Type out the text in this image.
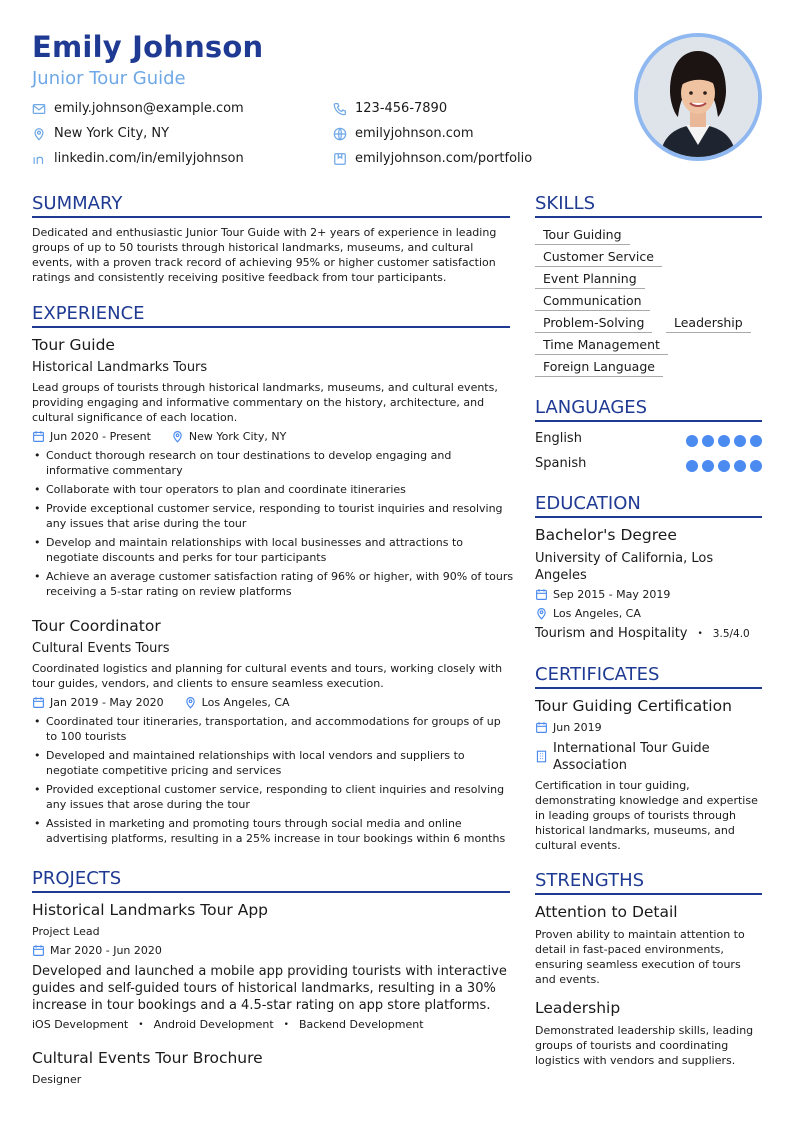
Emily Johnson
Junior Tour Guide
emily.johnson@example.com	123-456-7890
New York City, NY	emilyjohnson.com
linkedin.com/in/emilyjohnson	emilyjohnson.com/portfolio
SUMMARY
Dedicated and enthusiastic Junior Tour Guide with 2+ years of experience in leading groups of up to 50 tourists through historical landmarks, museums, and cultural events, with a proven track record of achieving 95% or higher customer satisfaction ratings and consistently receiving positive feedback from tour participants.
EXPERIENCE
Tour Guide
Historical Landmarks Tours
Lead groups of tourists through historical landmarks, museums, and cultural events, providing engaging and informative commentary on the history, architecture, and cultural significance of each location.
Jun 2020 - Present	New York City, NY
• Conduct thorough research on tour destinations to develop engaging and informative commentary
• Collaborate with tour operators to plan and coordinate itineraries
• Provide exceptional customer service, responding to tourist inquiries and resolving any issues that arise during the tour
• Develop and maintain relationships with local businesses and attractions to negotiate discounts and perks for tour participants
• Achieve an average customer satisfaction rating of 96% or higher, with 90% of tours receiving a 5-star rating on review platforms
Tour Coordinator
Cultural Events Tours
Coordinated logistics and planning for cultural events and tours, working closely with tour guides, vendors, and clients to ensure seamless execution.
Jan 2019 - May 2020	Los Angeles, CA
• Coordinated tour itineraries, transportation, and accommodations for groups of up to 100 tourists
• Developed and maintained relationships with local vendors and suppliers to negotiate competitive pricing and services
• Provided exceptional customer service, responding to client inquiries and resolving any issues that arose during the tour
• Assisted in marketing and promoting tours through social media and online advertising platforms, resulting in a 25% increase in tour bookings within 6 months
PROJECTS
Historical Landmarks Tour App
Project Lead
Mar 2020 - Jun 2020
Developed and launched a mobile app providing tourists with interactive guides and self-guided tours of historical landmarks, resulting in a 30% increase in tour bookings and a 4.5-star rating on app store platforms.
iOS Development • Android Development • Backend Development
Cultural Events Tour Brochure
Designer
SKILLS
Tour Guiding
Customer Service
Event Planning
Communication
Problem-Solving	Leadership
Time Management
Foreign Language
LANGUAGES
English
Spanish
EDUCATION
Bachelor's Degree
University of California, Los Angeles
Sep 2015 - May 2019
Los Angeles, CA
Tourism and Hospitality • 3.5/4.0
CERTIFICATES
Tour Guiding Certification
Jun 2019
International Tour Guide Association
Certification in tour guiding, demonstrating knowledge and expertise in leading groups of tourists through historical landmarks, museums, and cultural events.
STRENGTHS
Attention to Detail
Proven ability to maintain attention to detail in fast-paced environments, ensuring seamless execution of tours and events.
Leadership
Demonstrated leadership skills, leading groups of tourists and coordinating logistics with vendors and suppliers.
